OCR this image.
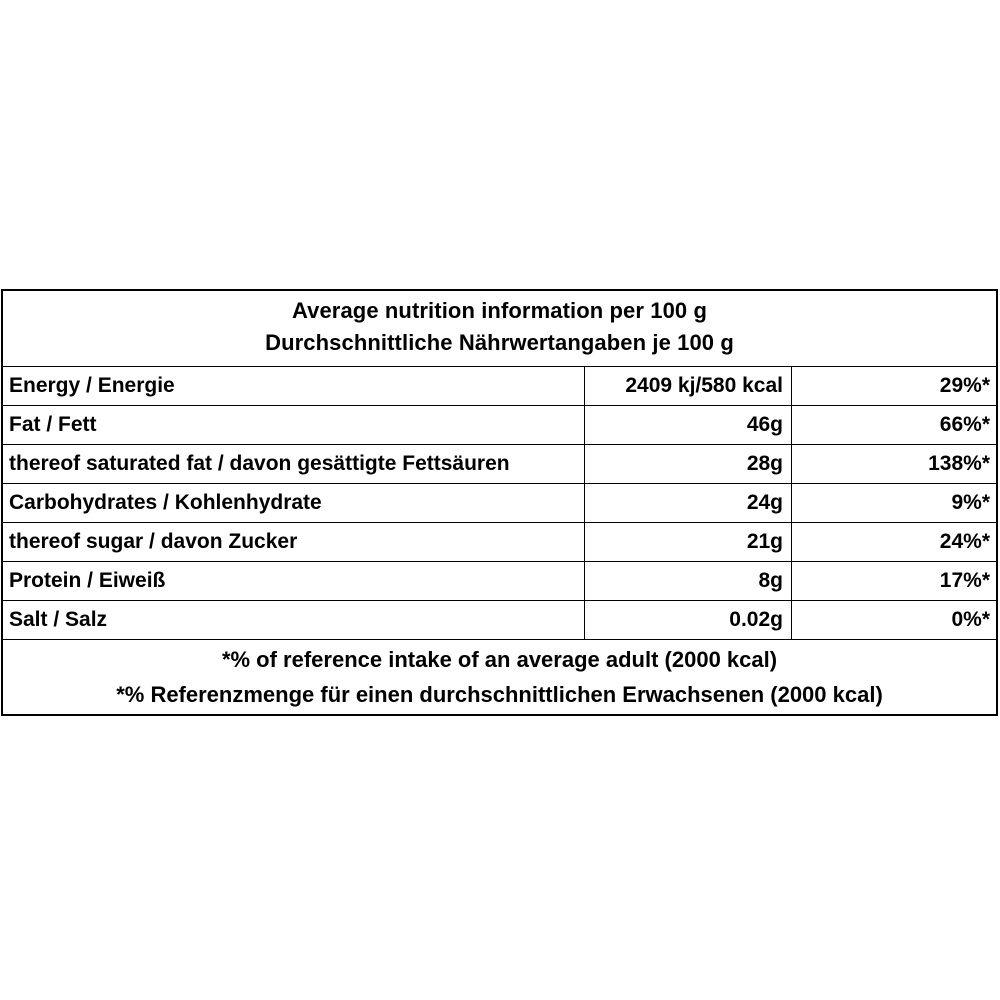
Average nutrition information per 100 g
Durchschnittliche Nährwertangaben je 100 g
Energy / Energie	2409 kj/580 kcal	29%*
Fat / Fett	46g	66%*
thereof saturated fat / davon gesättigte Fettsäuren	28g	138%*
Carbohydrates / Kohlenhydrate	24g	9%*
thereof sugar / davon Zucker	21g	24%*
Protein / Eiweiß	8g	17%*
Salt / Salz	0.02g	0%*
*% of reference intake of an average adult (2000 kcal)
*% Referenzmenge für einen durchschnittlichen Erwachsenen (2000 kcal)
